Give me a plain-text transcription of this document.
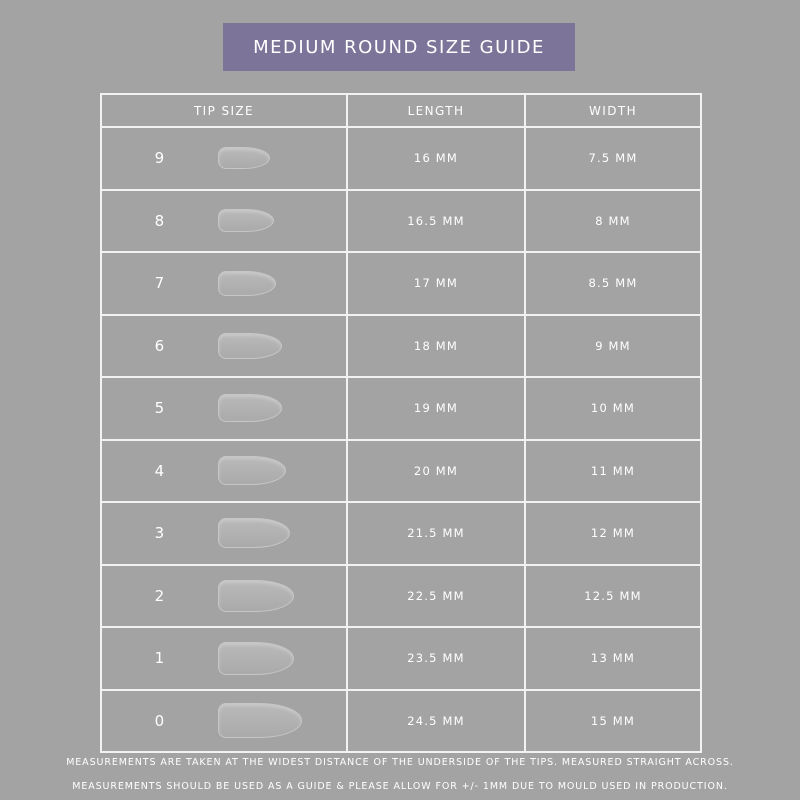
MEDIUM ROUND SIZE GUIDE
TIP SIZE	LENGTH	WIDTH
9	16 MM	7.5 MM
8	16.5 MM	8 MM
7	17 MM	8.5 MM
6	18 MM	9 MM
5	19 MM	10 MM
4	20 MM	11 MM
3	21.5 MM	12 MM
2	22.5 MM	12.5 MM
1	23.5 MM	13 MM
0	24.5 MM	15 MM
MEASUREMENTS ARE TAKEN AT THE WIDEST DISTANCE OF THE UNDERSIDE OF THE TIPS. MEASURED STRAIGHT ACROSS.
MEASUREMENTS SHOULD BE USED AS A GUIDE & PLEASE ALLOW FOR +/- 1MM DUE TO MOULD USED IN PRODUCTION.
